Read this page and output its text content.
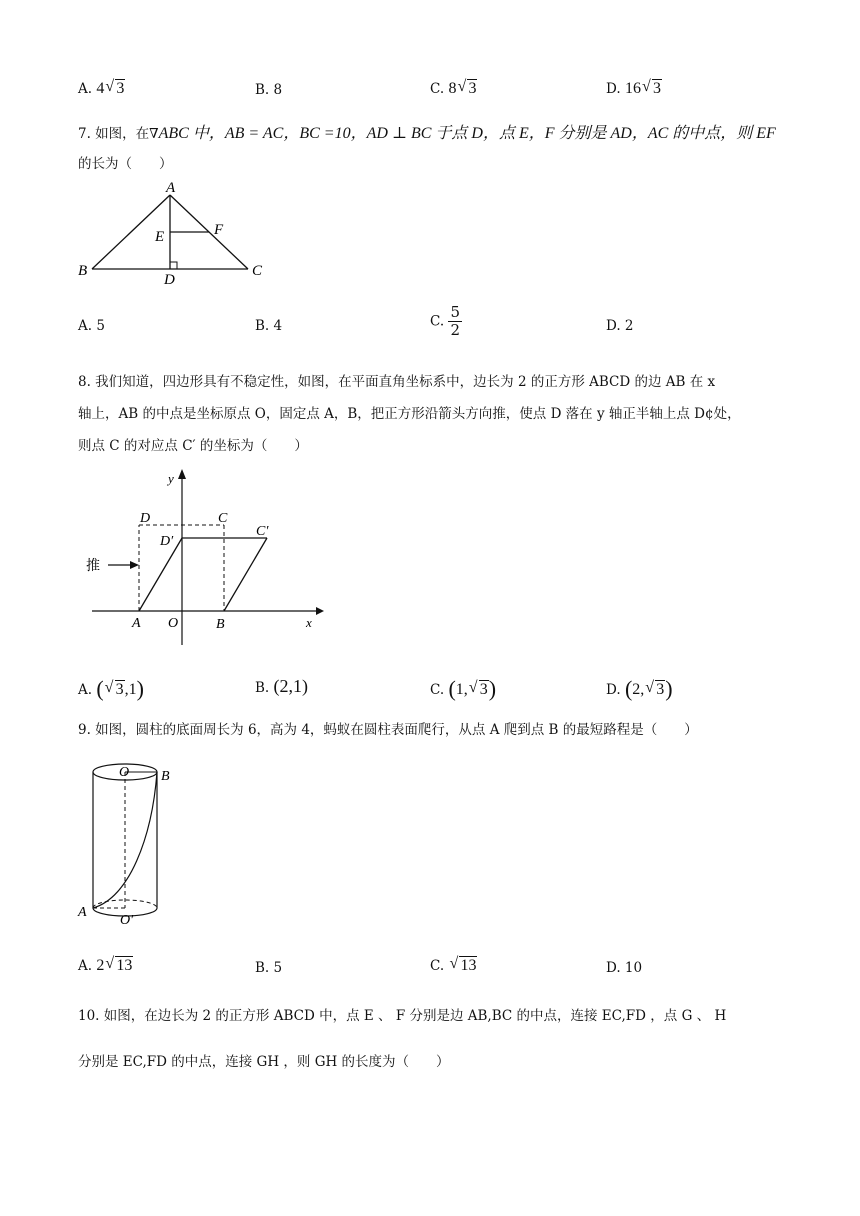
A. 4 √ 3	B. 8	C. 8 √ 3	D. 16 √ 3
7. 如图，在∇ABC 中，AB = AC，BC =10，AD ⊥ BC 于点 D，点 E，F 分别是 AD，AC 的中点，则 EF
的长为（　　）
A
B	C
D
E	F
A. 5	B. 4	C. $\frac{5}{2}$	D. 2
8. 我们知道，四边形具有不稳定性，如图，在平面直角坐标系中，边长为 2 的正方形 ABCD 的边 AB 在 x
轴上，AB 的中点是坐标原点 O，固定点 A，B，把正方形沿箭头方向推，使点 D 落在 y 轴正半轴上点 D¢处，
则点 C 的对应点 C′ 的坐标为（　　）
推
y
x
D	C
D′
C′
A O	B
A. ( √ 3,1)	B. (2,1)	C. (1, √ 3)	D. (2, √ 3)
9. 如图，圆柱的底面周长为 6，高为 4，蚂蚁在圆柱表面爬行，从点 A 爬到点 B 的最短路程是（　　）
O B
A
O′
A. 2 √ 13	B. 5	C. √ 13	D. 10
10. 如图，在边长为 2 的正方形 ABCD 中，点 E 、 F 分别是边 AB,BC 的中点，连接 EC,FD ，点 G 、 H
分别是 EC,FD 的中点，连接 GH ，则 GH 的长度为（　　）
